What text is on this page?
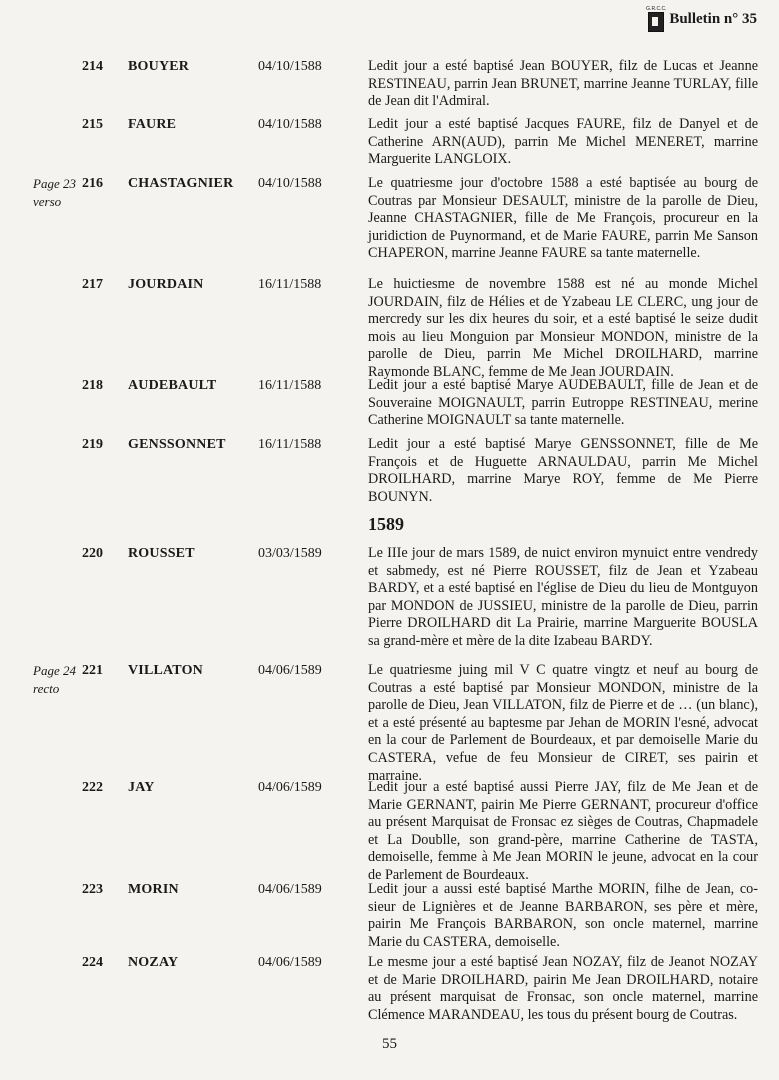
G.R.C.C.
Bulletin n° 35
214	BOUYER	04/10/1588	Ledit jour a esté baptisé Jean BOUYER, filz de Lucas et Jeanne RESTINEAU, parrin Jean BRUNET, marrine Jeanne TURLAY, fille de Jean dit l'Admiral.
215	FAURE	04/10/1588	Ledit jour a esté baptisé Jacques FAURE, filz de Danyel et de Catherine ARN(AUD), parrin Me Michel MENERET, marrine Marguerite LANGLOIX.
Page 23
verso
216	CHASTAGNIER	04/10/1588	Le quatriesme jour d'octobre 1588 a esté baptisée au bourg de Coutras par Monsieur DESAULT, ministre de la parolle de Dieu, Jeanne CHASTAGNIER, fille de Me François, procureur en la juridiction de Puynormand, et de Marie FAURE, parrin Me Sanson CHAPERON, marrine Jeanne FAURE sa tante maternelle.
217	JOURDAIN	16/11/1588	Le huictiesme de novembre 1588 est né au monde Michel JOURDAIN, filz de Hélies et de Yzabeau LE CLERC, ung jour de mercredy sur les dix heures du soir, et a esté baptisé le seize dudit mois au lieu Monguion par Monsieur MONDON, ministre de la parolle de Dieu, parrin Me Michel DROILHARD, marrine Raymonde BLANC, femme de Me Jean JOURDAIN.
218	AUDEBAULT	16/11/1588	Ledit jour a esté baptisé Marye AUDEBAULT, fille de Jean et de Souveraine MOIGNAULT, parrin Eutroppe RESTINEAU, merine Catherine MOIGNAULT sa tante maternelle.
219	GENSSONNET	16/11/1588	Ledit jour a esté baptisé Marye GENSSONNET, fille de Me François et de Huguette ARNAULDAU, parrin Me Michel DROILHARD, marrine Marye ROY, femme de Me Pierre BOUNYN.
1589
220	ROUSSET	03/03/1589	Le IIIe jour de mars 1589, de nuict environ mynuict entre vendredy et sabmedy, est né Pierre ROUSSET, filz de Jean et Yzabeau BARDY, et a esté baptisé en l'église de Dieu du lieu de Montguyon par MONDON de JUSSIEU, ministre de la parolle de Dieu, parrin Pierre DROILHARD dit La Prairie, marrine Marguerite BOUSLA sa grand-mère et mère de la dite Izabeau BARDY.
Page 24
recto
221	VILLATON	04/06/1589	Le quatriesme juing mil V C quatre vingtz et neuf au bourg de Coutras a esté baptisé par Monsieur MONDON, ministre de la parolle de Dieu, Jean VILLATON, filz de Pierre et de … (un blanc), et a esté présenté au baptesme par Jehan de MORIN l'esné, advocat en la cour de Parlement de Bourdeaux, et par demoiselle Marie du CASTERA, vefue de feu Monsieur de CIRET, ses pairin et marraine.
222	JAY	04/06/1589	Ledit jour a esté baptisé aussi Pierre JAY, filz de Me Jean et de Marie GERNANT, pairin Me Pierre GERNANT, procureur d'office au présent Marquisat de Fronsac ez sièges de Coutras, Chapmadele et La Doublle, son grand-père, marrine Catherine de TASTA, demoiselle, femme à Me Jean MORIN le jeune, advocat en la cour de Parlement de Bourdeaux.
223	MORIN	04/06/1589	Ledit jour a aussi esté baptisé Marthe MORIN, filhe de Jean, co-sieur de Lignières et de Jeanne BARBARON, ses père et mère, pairin Me François BARBARON, son oncle maternel, marrine Marie du CASTERA, demoiselle.
224	NOZAY	04/06/1589	Le mesme jour a esté baptisé Jean NOZAY, filz de Jeanot NOZAY et de Marie DROILHARD, pairin Me Jean DROILHARD, notaire au présent marquisat de Fronsac, son oncle maternel, marrine Clémence MARANDEAU, les tous du présent bourg de Coutras.
55
